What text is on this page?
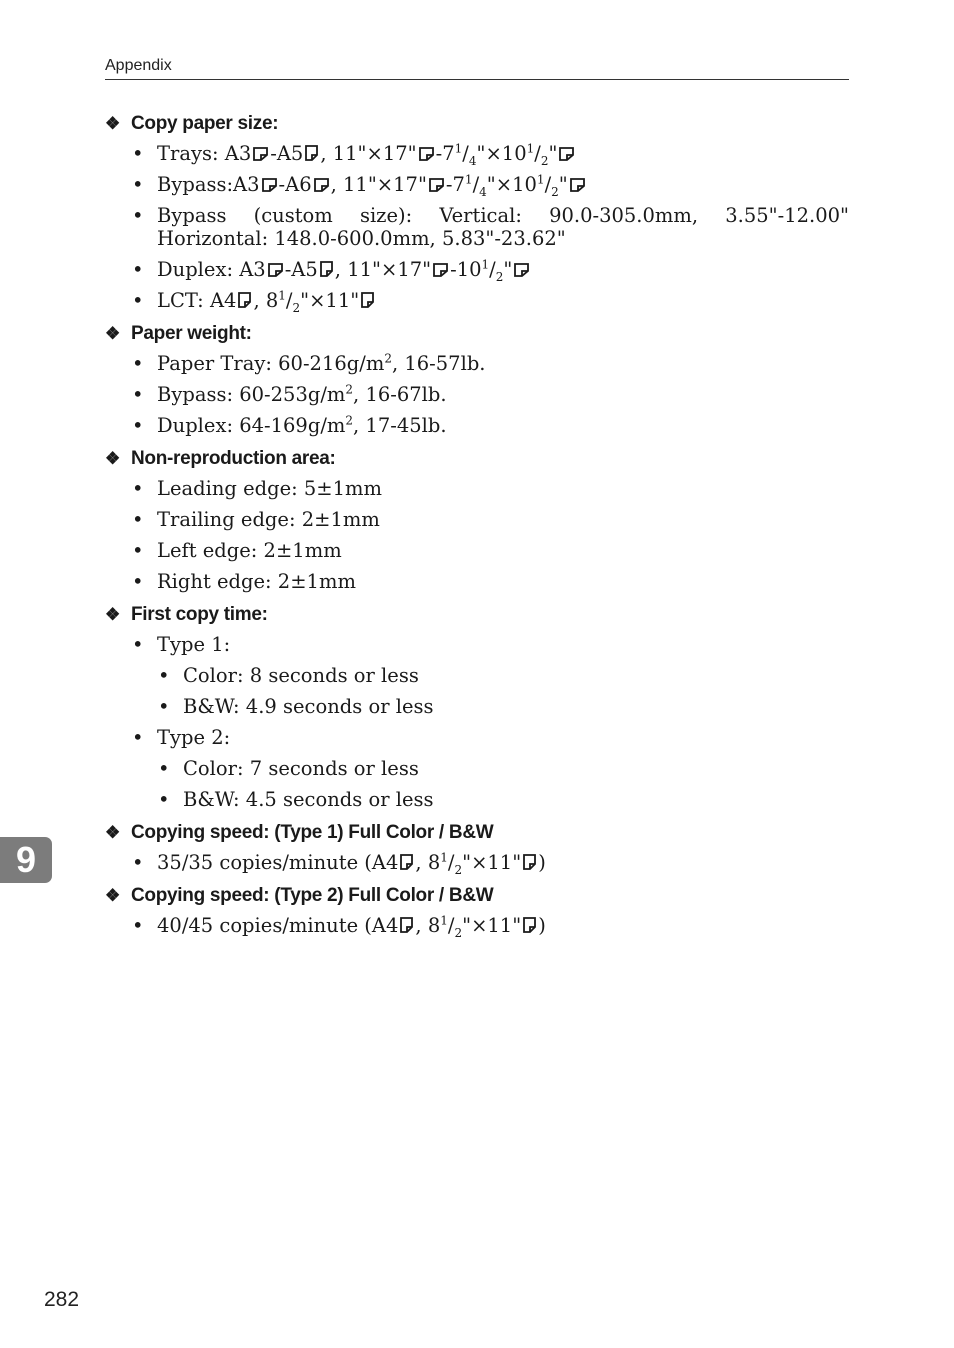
Appendix
❖ Copy paper size:
• Trays: A3 -A5 , 11"×17" $-7^1/_4"\times 10^1/_2$"
• Bypass:A3 -A6 , 11"×17" $-7^1/_4"\times 10^1/_2$"
• Bypass (custom size): Vertical: 90.0-305.0mm, 3.55"-12.00" Horizontal: 148.0-600.0mm, 5.83"-23.62"
• Duplex: A3 -A5 , 11"×17" $-10^1/_2$"
• LCT: A4 , $8^1/_2"\times 11$"
❖ Paper weight:
• Paper Tray: $60-216g/m^2$, 16-57lb.
• Bypass: $60-253g/m^2$, 16-67lb.
• Duplex: $64-169g/m^2$, 17-45lb.
❖ Non-reproduction area:
• Leading edge: 5±1mm
• Trailing edge: 2±1mm
• Left edge: 2±1mm
• Right edge: 2±1mm
❖ First copy time:
• Type 1:
• Color: 8 seconds or less
• B&W: 4.9 seconds or less
• Type 2:
• Color: 7 seconds or less
• B&W: 4.5 seconds or less
❖ Copying speed: (Type 1) Full Color / B&W
• 35/35 copies/minute (A4 , $8^1/_2"\times 11$" )
❖ Copying speed: (Type 2) Full Color / B&W
• 40/45 copies/minute (A4 , $8^1/_2"\times 11$" )
9
282
